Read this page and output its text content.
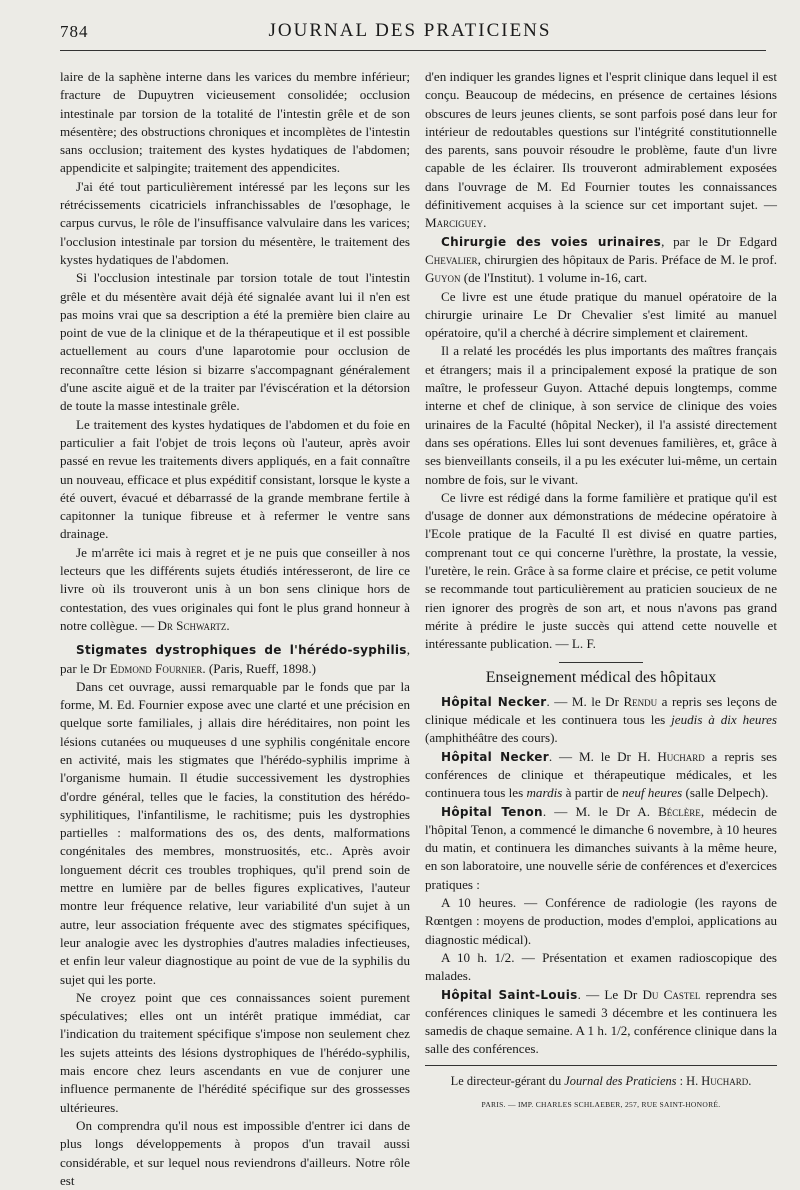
784	JOURNAL DES PRATICIENS

laire de la saphène interne dans les varices du membre inférieur; fracture de Dupuytren vicieusement consolidée; occlusion intestinale par torsion de la totalité de l'intestin grêle et de son mésentère; des obstructions chroniques et incomplètes de l'intestin sans occlusion; traitement des kystes hydatiques de l'abdomen; appendicite et salpingite; traitement des appendicites.

J'ai été tout particulièrement intéressé par les leçons sur les rétrécissements cicatriciels infranchissables de l'œsophage, le carpus curvus, le rôle de l'insuffisance valvulaire dans les varices; l'occlusion intestinale par torsion du mésentère, le traitement des kystes hydatiques de l'abdomen.

Si l'occlusion intestinale par torsion totale de tout l'intestin grêle et du mésentère avait déjà été signalée avant lui il n'en est pas moins vrai que sa description a été la première bien claire au point de vue de la clinique et de la thérapeutique et il est possible actuellement au cours d'une laparotomie pour occlusion de reconnaître cette lésion si bizarre s'accompagnant généralement d'une ascite aiguë et de la traiter par l'éviscération et la détorsion de toute la masse intestinale grêle.

Le traitement des kystes hydatiques de l'abdomen et du foie en particulier a fait l'objet de trois leçons où l'auteur, après avoir passé en revue les traitements divers appliqués, en a fait connaître un nouveau, efficace et plus expéditif consistant, lorsque le kyste a été ouvert, évacué et débarrassé de la grande membrane fertile à capitonner la tunique fibreuse et à refermer le ventre sans drainage.

Je m'arrête ici mais à regret et je ne puis que conseiller à nos lecteurs que les différents sujets étudiés intéresseront, de lire ce livre où ils trouveront unis à un bon sens clinique hors de contestation, des vues originales qui font le plus grand honneur à notre collègue. — Dr Schwartz.

Stigmates dystrophiques de l'hérédo-syphilis, par le Dr Edmond Fournier. (Paris, Rueff, 1898.)

Dans cet ouvrage, aussi remarquable par le fonds que par la forme, M. Ed. Fournier expose avec une clarté et une précision en quelque sorte familiales, j allais dire héréditaires, non point les lésions cutanées ou muqueuses d une syphilis congénitale encore en activité, mais les stigmates que l'hérédo-syphilis imprime à l'organisme humain. Il étudie successivement les dystrophies d'ordre général, telles que le facies, la constitution des hérédo-syphilitiques, l'infantilisme, le rachitisme; puis les dystrophies partielles : malformations des os, des dents, malformations congénitales des membres, monstruosités, etc.. Après avoir longuement décrit ces troubles trophiques, qu'il prend soin de mettre en lumière par de belles figures explicatives, l'auteur montre leur fréquence relative, leur variabilité d'un sujet à un autre, leur association fréquente avec des stigmates spécifiques, leur analogie avec les dystrophies d'autres maladies infectieuses, et enfin leur valeur diagnostique au point de vue de la syphilis du sujet qui les porte.

Ne croyez point que ces connaissances soient purement spéculatives; elles ont un intérêt pratique immédiat, car l'indication du traitement spécifique s'impose non seulement chez les sujets atteints des lésions dystrophiques de l'hérédo-syphilis, mais encore chez leurs ascendants en vue de conjurer une influence permanente de l'hérédité spécifique sur des grossesses ultérieures.

On comprendra qu'il nous est impossible d'entrer ici dans de plus longs développements à propos d'un travail aussi considérable, et sur lequel nous reviendrons d'ailleurs. Notre rôle est

d'en indiquer les grandes lignes et l'esprit clinique dans lequel il est conçu. Beaucoup de médecins, en présence de certaines lésions obscures de leurs jeunes clients, se sont parfois posé dans leur for intérieur de redoutables questions sur l'intégrité constitutionnelle des parents, sans pouvoir résoudre le problème, faute d'un livre capable de les éclairer. Ils trouveront admirablement exposées dans l'ouvrage de M. Ed Fournier toutes les connaissances définitivement acquises à la science sur cet important sujet. — Marciguey.

Chirurgie des voies urinaires, par le Dr Edgard Chevalier, chirurgien des hôpitaux de Paris. Préface de M. le prof. Guyon (de l'Institut). 1 volume in-16, cart.

Ce livre est une étude pratique du manuel opératoire de la chirurgie urinaire Le Dr Chevalier s'est limité au manuel opératoire, qu'il a cherché à décrire simplement et clairement.

Il a relaté les procédés les plus importants des maîtres français et étrangers; mais il a principalement exposé la pratique de son maître, le professeur Guyon. Attaché depuis longtemps, comme interne et chef de clinique, à son service de clinique des voies urinaires de la Faculté (hôpital Necker), il l'a assisté directement dans ses opérations. Elles lui sont devenues familières, et, grâce à ses bienveillants conseils, il a pu les exécuter lui-même, un certain nombre de fois, sur le vivant.

Ce livre est rédigé dans la forme familière et pratique qu'il est d'usage de donner aux démonstrations de médecine opératoire à l'Ecole pratique de la Faculté Il est divisé en quatre parties, comprenant tout ce qui concerne l'urèthre, la prostate, la vessie, l'uretère, le rein. Grâce à sa forme claire et précise, ce petit volume se recommande tout particulièrement au praticien soucieux de ne rien ignorer des progrès de son art, et nous n'avons pas grand mérite à prédire le juste succès qui attend cette nouvelle et intéressante publication. — L. F.

Enseignement médical des hôpitaux

Hôpital Necker. — M. le Dr Rendu a repris ses leçons de clinique médicale et les continuera tous les jeudis à dix heures (amphithéâtre des cours).

Hôpital Necker. — M. le Dr H. Huchard a repris ses conférences de clinique et thérapeutique médicales, et les continuera tous les mardis à partir de neuf heures (salle Delpech).

Hôpital Tenon. — M. le Dr A. Béclère, médecin de l'hôpital Tenon, a commencé le dimanche 6 novembre, à 10 heures du matin, et continuera les dimanches suivants à la même heure, en son laboratoire, une nouvelle série de conférences et d'exercices pratiques :

A 10 heures. — Conférence de radiologie (les rayons de Rœntgen : moyens de production, modes d'emploi, applications au diagnostic médical).

A 10 h. 1/2. — Présentation et examen radioscopique des malades.

Hôpital Saint-Louis. — Le Dr Du Castel reprendra ses conférences cliniques le samedi 3 décembre et les continuera les samedis de chaque semaine. A 1 h. 1/2, conférence clinique dans la salle des conférences.

Le directeur-gérant du Journal des Praticiens : H. Huchard.

PARIS. — IMP. CHARLES SCHLAEBER, 257, RUE SAINT-HONORÉ.
